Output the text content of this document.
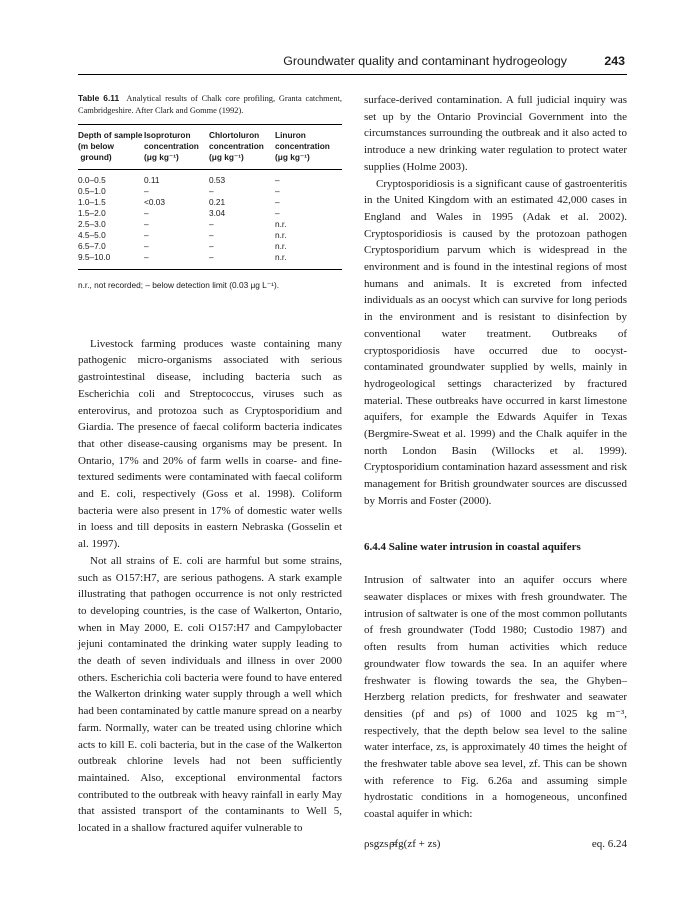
Groundwater quality and contaminant hydrogeology	243
Table 6.11 Analytical results of Chalk core profiling, Granta catchment, Cambridgeshire. After Clark and Gomme (1992).
Depth of sample
(m below
ground)	Isoproturon
concentration
(μg kg⁻¹)	Chlortoluron
concentration
(μg kg⁻¹)	Linuron
concentration
(μg kg⁻¹)
0.0–0.5	0.11	0.53	–
0.5–1.0	–	–	–
1.0–1.5	<0.03	0.21	–
1.5–2.0	–	3.04	–
2.5–3.0	–	–	n.r.
4.5–5.0	–	–	n.r.
6.5–7.0	–	–	n.r.
9.5–10.0	–	–	n.r.
n.r., not recorded; – below detection limit (0.03 μg L⁻¹).

Livestock farming produces waste containing many pathogenic micro-organisms associated with serious gastrointestinal disease, including bacteria such as Escherichia coli and Streptococcus, viruses such as enterovirus, and protozoa such as Cryptosporidium and Giardia. The presence of faecal coliform bacteria indicates that other disease-causing organisms may be present. In Ontario, 17% and 20% of farm wells in coarse- and fine-textured sediments were contaminated with faecal coliform and E. coli, respectively (Goss et al. 1998). Coliform bacteria were also present in 17% of domestic water wells in loess and till deposits in eastern Nebraska (Gosselin et al. 1997).

Not all strains of E. coli are harmful but some strains, such as O157:H7, are serious pathogens. A stark example illustrating that pathogen occurrence is not only restricted to developing countries, is the case of Walkerton, Ontario, when in May 2000, E. coli O157:H7 and Campylobacter jejuni contaminated the drinking water supply leading to the death of seven individuals and illness in over 2000 others. Escherichia coli bacteria were found to have entered the Walkerton drinking water supply through a well which had been contaminated by cattle manure spread on a nearby farm. Normally, water can be treated using chlorine which acts to kill E. coli bacteria, but in the case of the Walkerton outbreak chlorine levels had not been sufficiently maintained. Also, exceptional environmental factors contributed to the outbreak with heavy rainfall in early May that assisted transport of the contaminants to Well 5, located in a shallow fractured aquifer vulnerable to

surface-derived contamination. A full judicial inquiry was set up by the Ontario Provincial Government into the circumstances surrounding the outbreak and it also acted to introduce a new drinking water regulation to protect water supplies (Holme 2003).

Cryptosporidiosis is a significant cause of gastroenteritis in the United Kingdom with an estimated 42,000 cases in England and Wales in 1995 (Adak et al. 2002). Cryptosporidiosis is caused by the protozoan pathogen Cryptosporidium parvum which is widespread in the environment and is found in the intestinal regions of most humans and animals. It is excreted from infected individuals as an oocyst which can survive for long periods in the environment and is resistant to disinfection by conventional water treatment. Outbreaks of cryptosporidiosis have occurred due to oocyst-contaminated groundwater supplied by wells, mainly in hydrogeological settings characterized by fractured material. These outbreaks have occurred in karst limestone aquifers, for example the Edwards Aquifer in Texas (Bergmire-Sweat et al. 1999) and the Chalk aquifer in the north London Basin (Willocks et al. 1999). Cryptosporidium contamination hazard assessment and risk management for British groundwater sources are discussed by Morris and Foster (2000).

6.4.4 Saline water intrusion in coastal aquifers

Intrusion of saltwater into an aquifer occurs where seawater displaces or mixes with fresh groundwater. The intrusion of saltwater is one of the most common pollutants of fresh groundwater (Todd 1980; Custodio 1987) and often results from human activities which reduce groundwater flow towards the sea. In an aquifer where freshwater is flowing towards the sea, the Ghyben–Herzberg relation predicts, for freshwater and seawater densities (ρf and ρs) of 1000 and 1025 kg m⁻³, respectively, that the depth below sea level to the saline water interface, zs, is approximately 40 times the height of the freshwater table above sea level, zf. This can be shown with reference to Fig. 6.26a and assuming simple hydrostatic conditions in a homogeneous, unconfined coastal aquifer in which:

ρsgzs =
ρfg(zf + zs)	eq. 6.24
